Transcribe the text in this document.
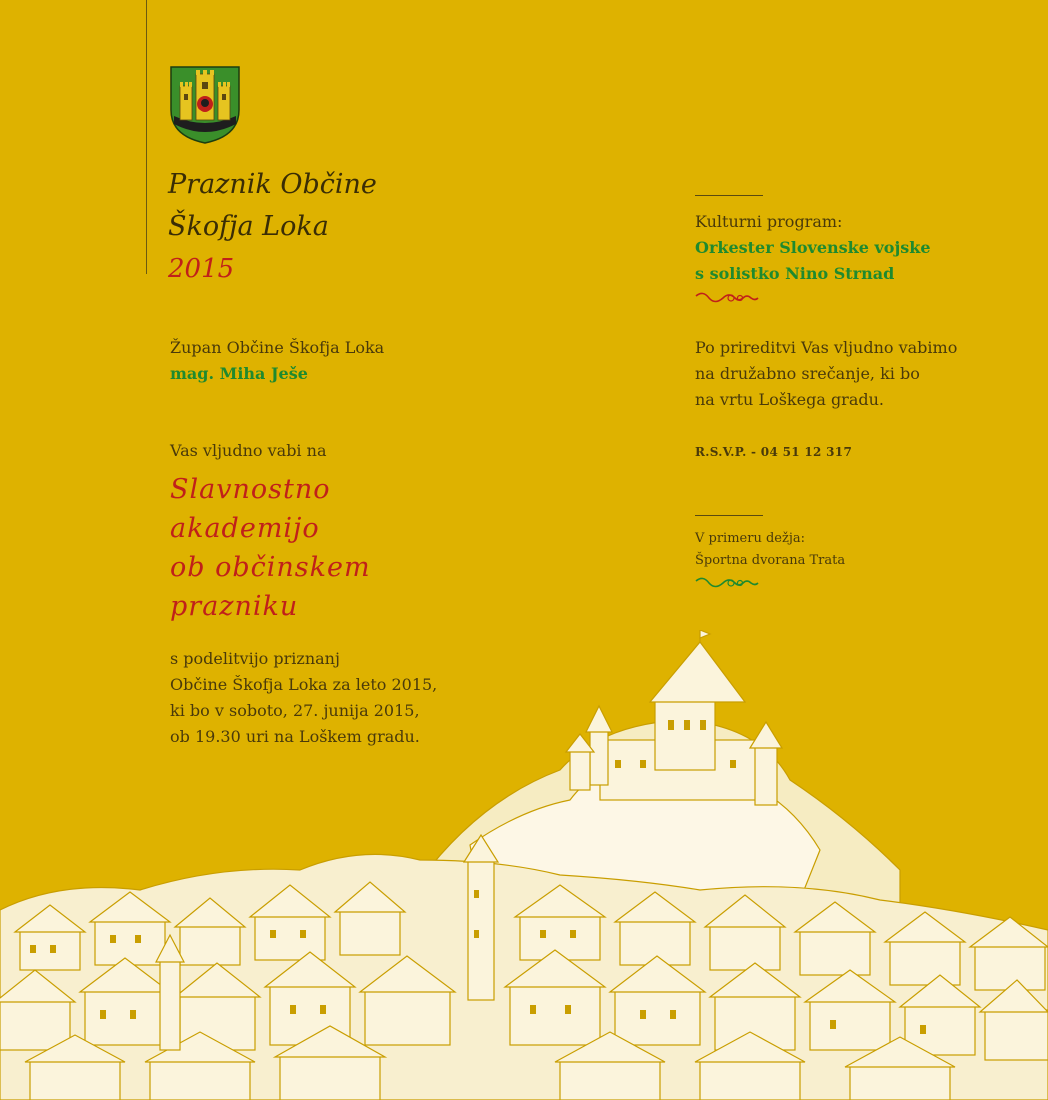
Praznik Občine
Škofja Loka
2015
Župan Občine Škofja Loka
mag. Miha Ješe
Vas vljudno vabi na
Slavnostno
akademijo
ob občinskem
prazniku
s podelitvijo priznanj
Občine Škofja Loka za leto 2015,
ki bo v soboto, 27. junija 2015,
ob 19.30 uri na Loškem gradu.
Kulturni program:
Orkester Slovenske vojske
s solistko Nino Strnad
Po prireditvi Vas vljudno vabimo
na družabno srečanje, ki bo
na vrtu Loškega gradu.
R.S.V.P. - 04 51 12 317
V primeru dežja:
Športna dvorana Trata
